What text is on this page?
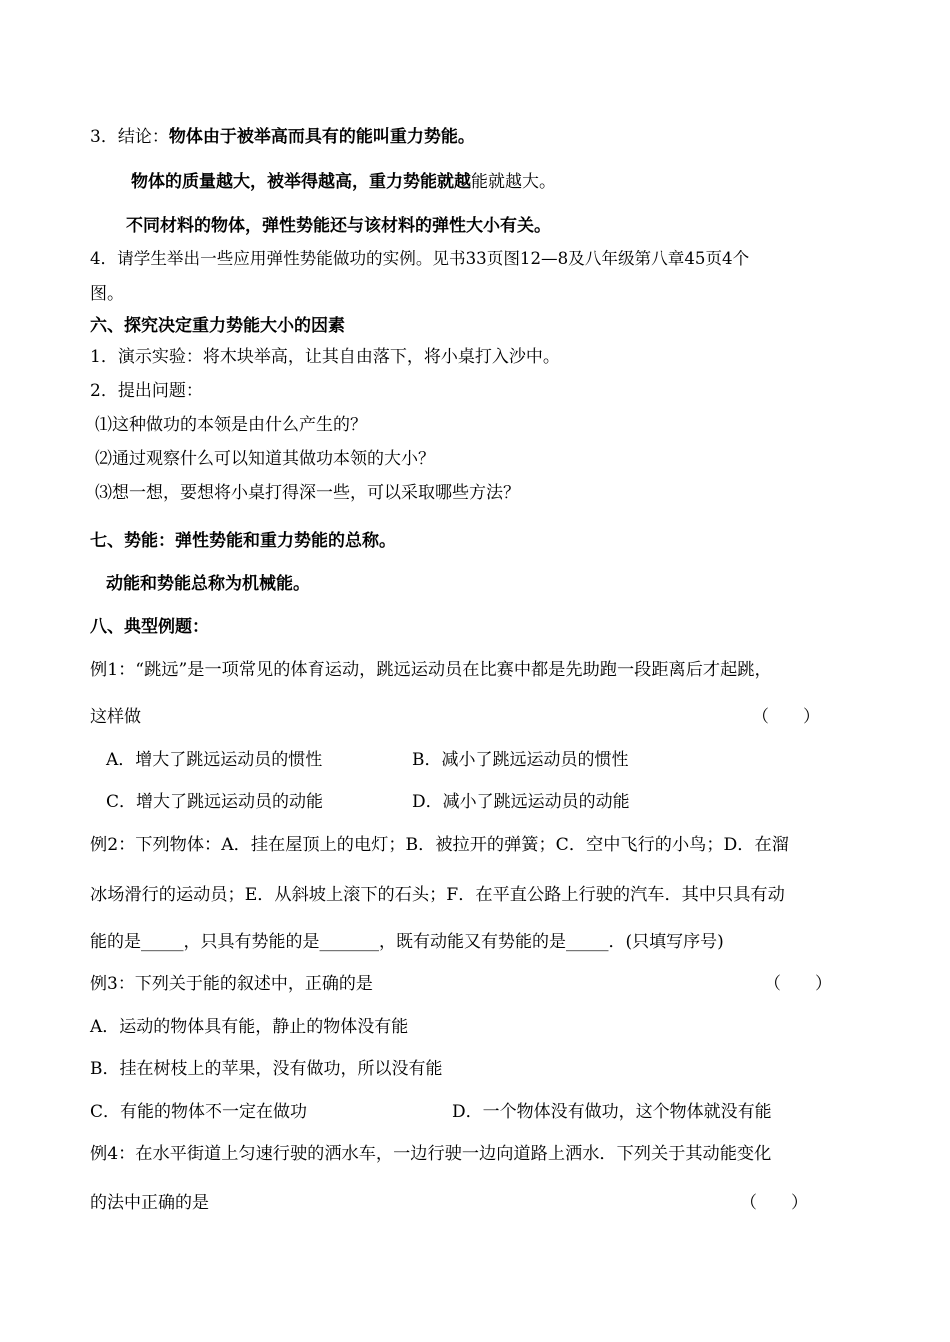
3．结论：物体由于被举高而具有的能叫重力势能。
物体的质量越大，被举得越高，重力势能就越能就越大。
不同材料的物体，弹性势能还与该材料的弹性大小有关。
4．请学生举出一些应用弹性势能做功的实例。见书33页图12—8及八年级第八章45页4个
图。
六、探究决定重力势能大小的因素
1．演示实验：将木块举高，让其自由落下，将小桌打入沙中。
2．提出问题：
⑴这种做功的本领是由什么产生的？
⑵通过观察什么可以知道其做功本领的大小？
⑶想一想，要想将小桌打得深一些，可以采取哪些方法？
七、势能：弹性势能和重力势能的总称。
动能和势能总称为机械能。
八、典型例题：
例1：“跳远”是一项常见的体育运动，跳远运动员在比赛中都是先助跑一段距离后才起跳，
这样做	（　　）
A．增大了跳远运动员的惯性	B．减小了跳远运动员的惯性
C．增大了跳远运动员的动能	D．减小了跳远运动员的动能
例2：下列物体：A．挂在屋顶上的电灯；B．被拉开的弹簧；C．空中飞行的小鸟；D．在溜
冰场滑行的运动员；E．从斜坡上滚下的石头；F．在平直公路上行驶的汽车．其中只具有动
能的是_____，只具有势能的是_______，既有动能又有势能的是_____．(只填写序号)
例3：下列关于能的叙述中，正确的是	（　　）
A．运动的物体具有能，静止的物体没有能
B．挂在树枝上的苹果，没有做功，所以没有能
C．有能的物体不一定在做功	D．一个物体没有做功，这个物体就没有能
例4：在水平街道上匀速行驶的洒水车，一边行驶一边向道路上洒水．下列关于其动能变化
的法中正确的是	（　　）
